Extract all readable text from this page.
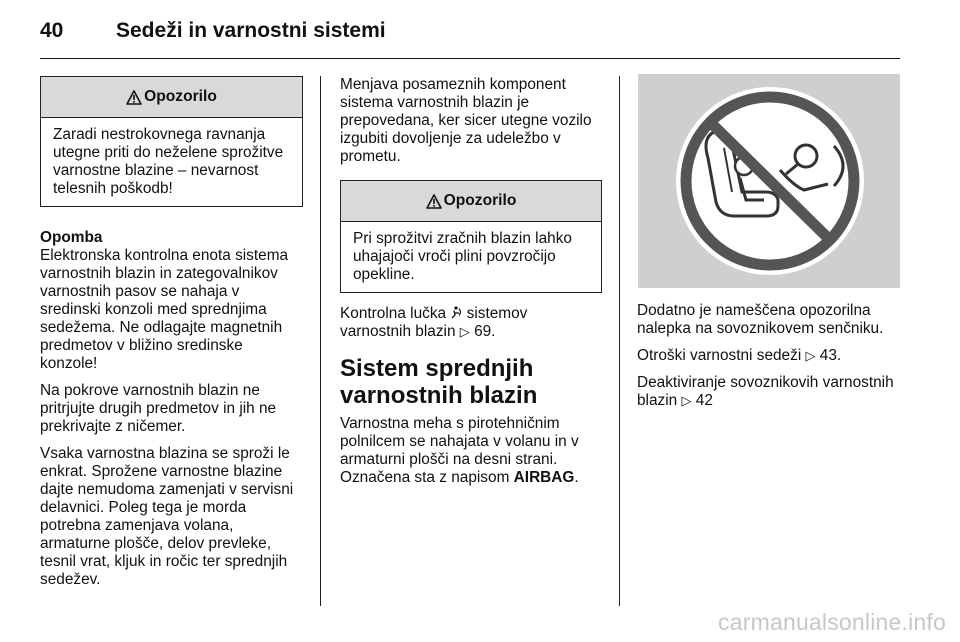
40	Sedeži in varnostni sistemi
Opozorilo
Zaradi nestrokovnega ravnanja utegne priti do neželene sprožitve varnostne blazine – nevarnost telesnih poškodb!

Opomba

Elektronska kontrolna enota sistema varnostnih blazin in zategovalnikov varnostnih pasov se nahaja v sredinski konzoli med sprednjima sedežema. Ne odlagajte magnetnih predmetov v bližino sredinske konzole!

Na pokrove varnostnih blazin ne pritrjujte drugih predmetov in jih ne prekrivajte z ničemer.

Vsaka varnostna blazina se sproži le enkrat. Sprožene varnostne blazine dajte nemudoma zamenjati v servisni delavnici. Poleg tega je morda potrebna zamenjava volana, armaturne plošče, delov prevleke, tesnil vrat, kljuk in ročic ter sprednjih sedežev.

Menjava posameznih komponent sistema varnostnih blazin je prepovedana, ker sicer utegne vozilo izgubiti dovoljenje za udeležbo v prometu.

Opozorilo
Pri sprožitvi zračnih blazin lahko uhajajoči vroči plini povzročijo opekline.

Kontrolna lučka sistemov varnostnih blazin ▷ 69.

Sistem sprednjih varnostnih blazin

Varnostna meha s pirotehničnim polnilcem se nahajata v volanu in v armaturni plošči na desni strani. Označena sta z napisom AIRBAG.

Dodatno je nameščena opozorilna nalepka na sovoznikovem senčniku.

Otroški varnostni sedeži ▷ 43.

Deaktiviranje sovoznikovih varnostnih blazin ▷ 42

carmanualsonline.info
